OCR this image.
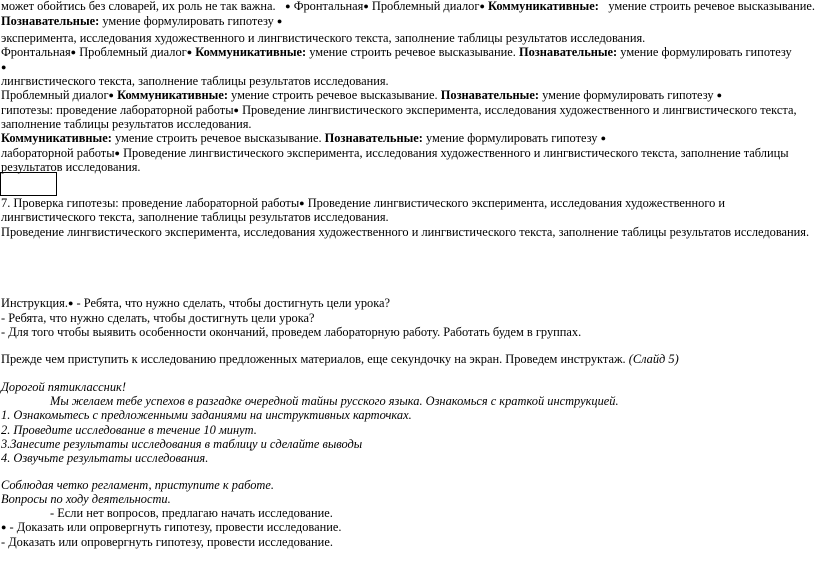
может обойтись без словарей, их роль не так важна. ● Фронтальная● Проблемный диалог● Коммуникативные: умение строить речевое высказывание.
Познавательные: умение формулировать гипотезу ●
эксперимента, исследования художественного и лингвистического текста, заполнение таблицы результатов исследования.
Фронтальная● Проблемный диалог● Коммуникативные: умение строить речевое высказывание. Познавательные: умение формулировать гипотезу
●
лингвистического текста, заполнение таблицы результатов исследования.
Проблемный диалог● Коммуникативные: умение строить речевое высказывание. Познавательные: умение формулировать гипотезу ●
гипотезы: проведение лабораторной работы● Проведение лингвистического эксперимента, исследования художественного и лингвистического текста,
заполнение таблицы результатов исследования.
Коммуникативные: умение строить речевое высказывание. Познавательные: умение формулировать гипотезу ●
лабораторной работы● Проведение лингвистического эксперимента, исследования художественного и лингвистического текста, заполнение таблицы
результатов исследования.
7. Проверка гипотезы: проведение лабораторной работы● Проведение лингвистического эксперимента, исследования художественного и
лингвистического текста, заполнение таблицы результатов исследования.
Проведение лингвистического эксперимента, исследования художественного и лингвистического текста, заполнение таблицы результатов исследования.
Инструкция.● - Ребята, что нужно сделать, чтобы достигнуть цели урока?
- Ребята, что нужно сделать, чтобы достигнуть цели урока?
- Для того чтобы выявить особенности окончаний, проведем лабораторную работу. Работать будем в группах.
Прежде чем приступить к исследованию предложенных материалов, еще секундочку на экран. Проведем инструктаж. (Слайд 5)
Дорогой пятиклассник!
Мы желаем тебе успехов в разгадке очередной тайны русского языка. Ознакомься с краткой инструкцией.
1. Ознакомьтесь с предложенными заданиями на инструктивных карточках.
2. Проведите исследование в течение 10 минут.
3.Занесите результаты исследования в таблицу и сделайте выводы
4. Озвучьте результаты исследования.
Соблюдая четко регламент, приступите к работе.
Вопросы по ходу деятельности.
- Если нет вопросов, предлагаю начать исследование.
● - Доказать или опровергнуть гипотезу, провести исследование.
- Доказать или опровергнуть гипотезу, провести исследование.
